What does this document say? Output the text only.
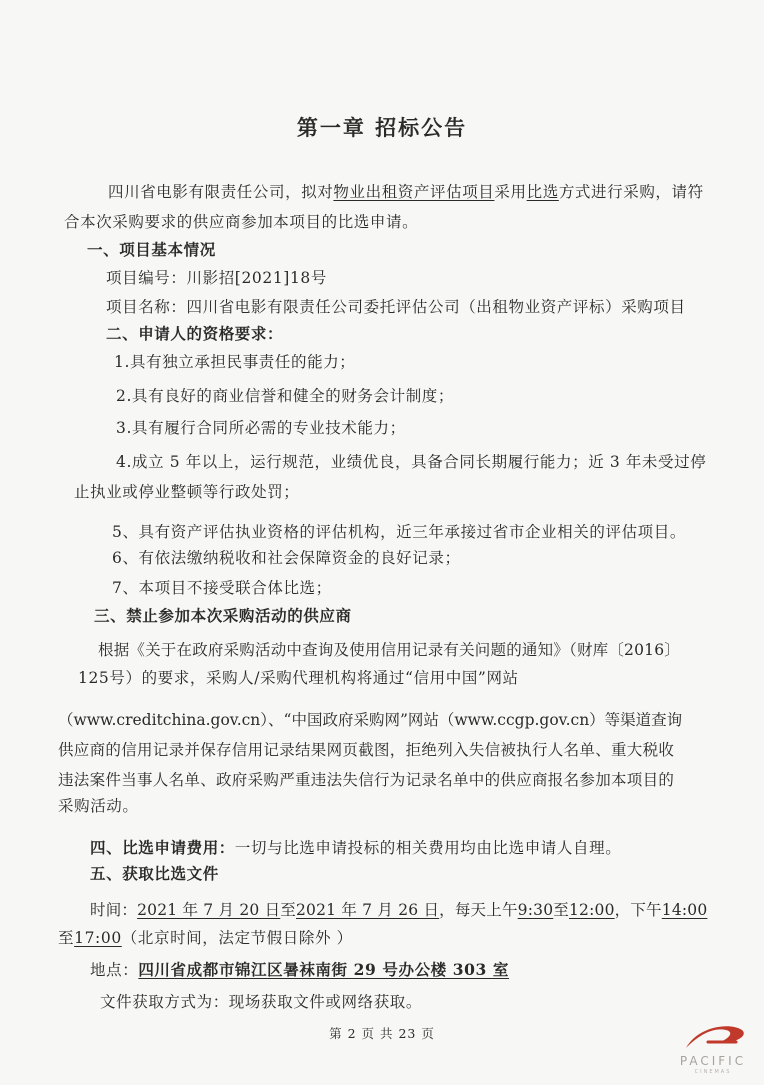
第一章 招标公告
四川省电影有限责任公司，拟对物业出租资产评估项目采用比选方式进行采购，请符
合本次采购要求的供应商参加本项目的比选申请。
一、项目基本情况
项目编号：川影招[2021]18号
项目名称：四川省电影有限责任公司委托评估公司（出租物业资产评标）采购项目
二、申请人的资格要求：
1.具有独立承担民事责任的能力；
2.具有良好的商业信誉和健全的财务会计制度；
3.具有履行合同所必需的专业技术能力；
4.成立 5 年以上，运行规范，业绩优良，具备合同长期履行能力；近 3 年未受过停
止执业或停业整顿等行政处罚；
5、具有资产评估执业资格的评估机构，近三年承接过省市企业相关的评估项目。
6、有依法缴纳税收和社会保障资金的良好记录；
7、本项目不接受联合体比选；
三、禁止参加本次采购活动的供应商
根据《关于在政府采购活动中查询及使用信用记录有关问题的通知》（财库〔2016〕
125号）的要求，采购人/采购代理机构将通过“信用中国”网站
（www.creditchina.gov.cn）、“中国政府采购网”网站（www.ccgp.gov.cn）等渠道查询
供应商的信用记录并保存信用记录结果网页截图，拒绝列入失信被执行人名单、重大税收
违法案件当事人名单、政府采购严重违法失信行为记录名单中的供应商报名参加本项目的
采购活动。
四、比选申请费用：一切与比选申请投标的相关费用均由比选申请人自理。
五、获取比选文件
时间：2021 年 7 月 20 日至2021 年 7 月 26 日，每天上午9:30至12:00，下午14:00
至17:00（北京时间，法定节假日除外 ）
地点：四川省成都市锦江区暑袜南街 29 号办公楼 303 室
文件获取方式为：现场获取文件或网络获取。
第 2 页 共 23 页
PACIFIC
CINEMAS
